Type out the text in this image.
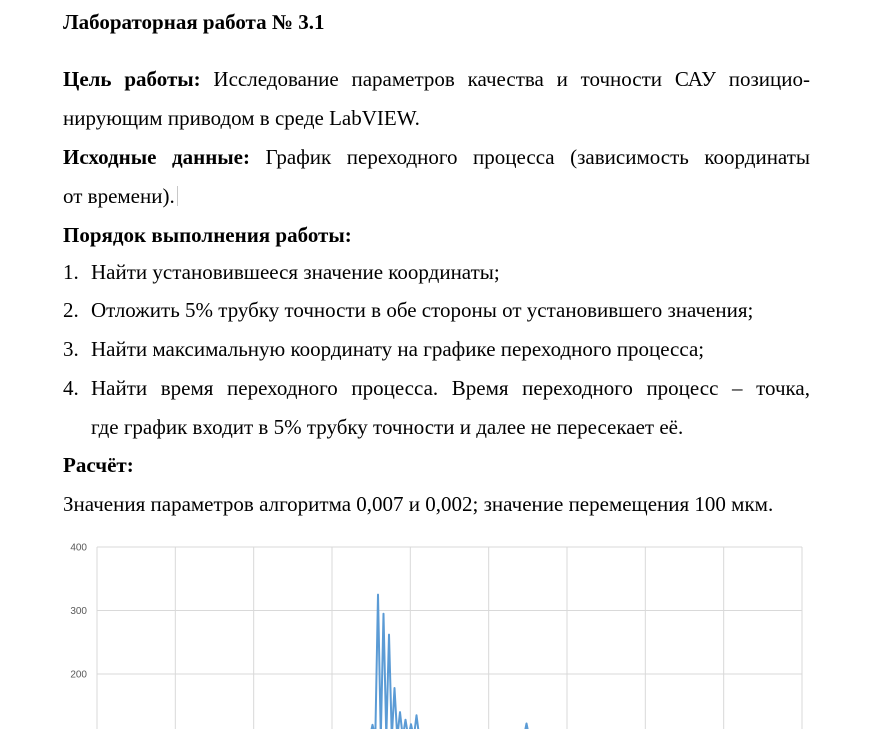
Лабораторная работа № 3.1
Цель работы: Исследование параметров качества и точности САУ позицио-
нирующим приводом в среде LabVIEW.
Исходные данные: График переходного процесса (зависимость координаты
от времени).
Порядок выполнения работы:
1. Найти установившееся значение координаты;
2. Отложить 5% трубку точности в обе стороны от установившего значения;
3. Найти максимальную координату на графике переходного процесса;
4. Найти время переходного процесса. Время переходного процесс – точка,
где график входит в 5% трубку точности и далее не пересекает её.
Расчёт:
Значения параметров алгоритма 0,007 и 0,002; значение перемещения 100 мкм.
400
300
200
